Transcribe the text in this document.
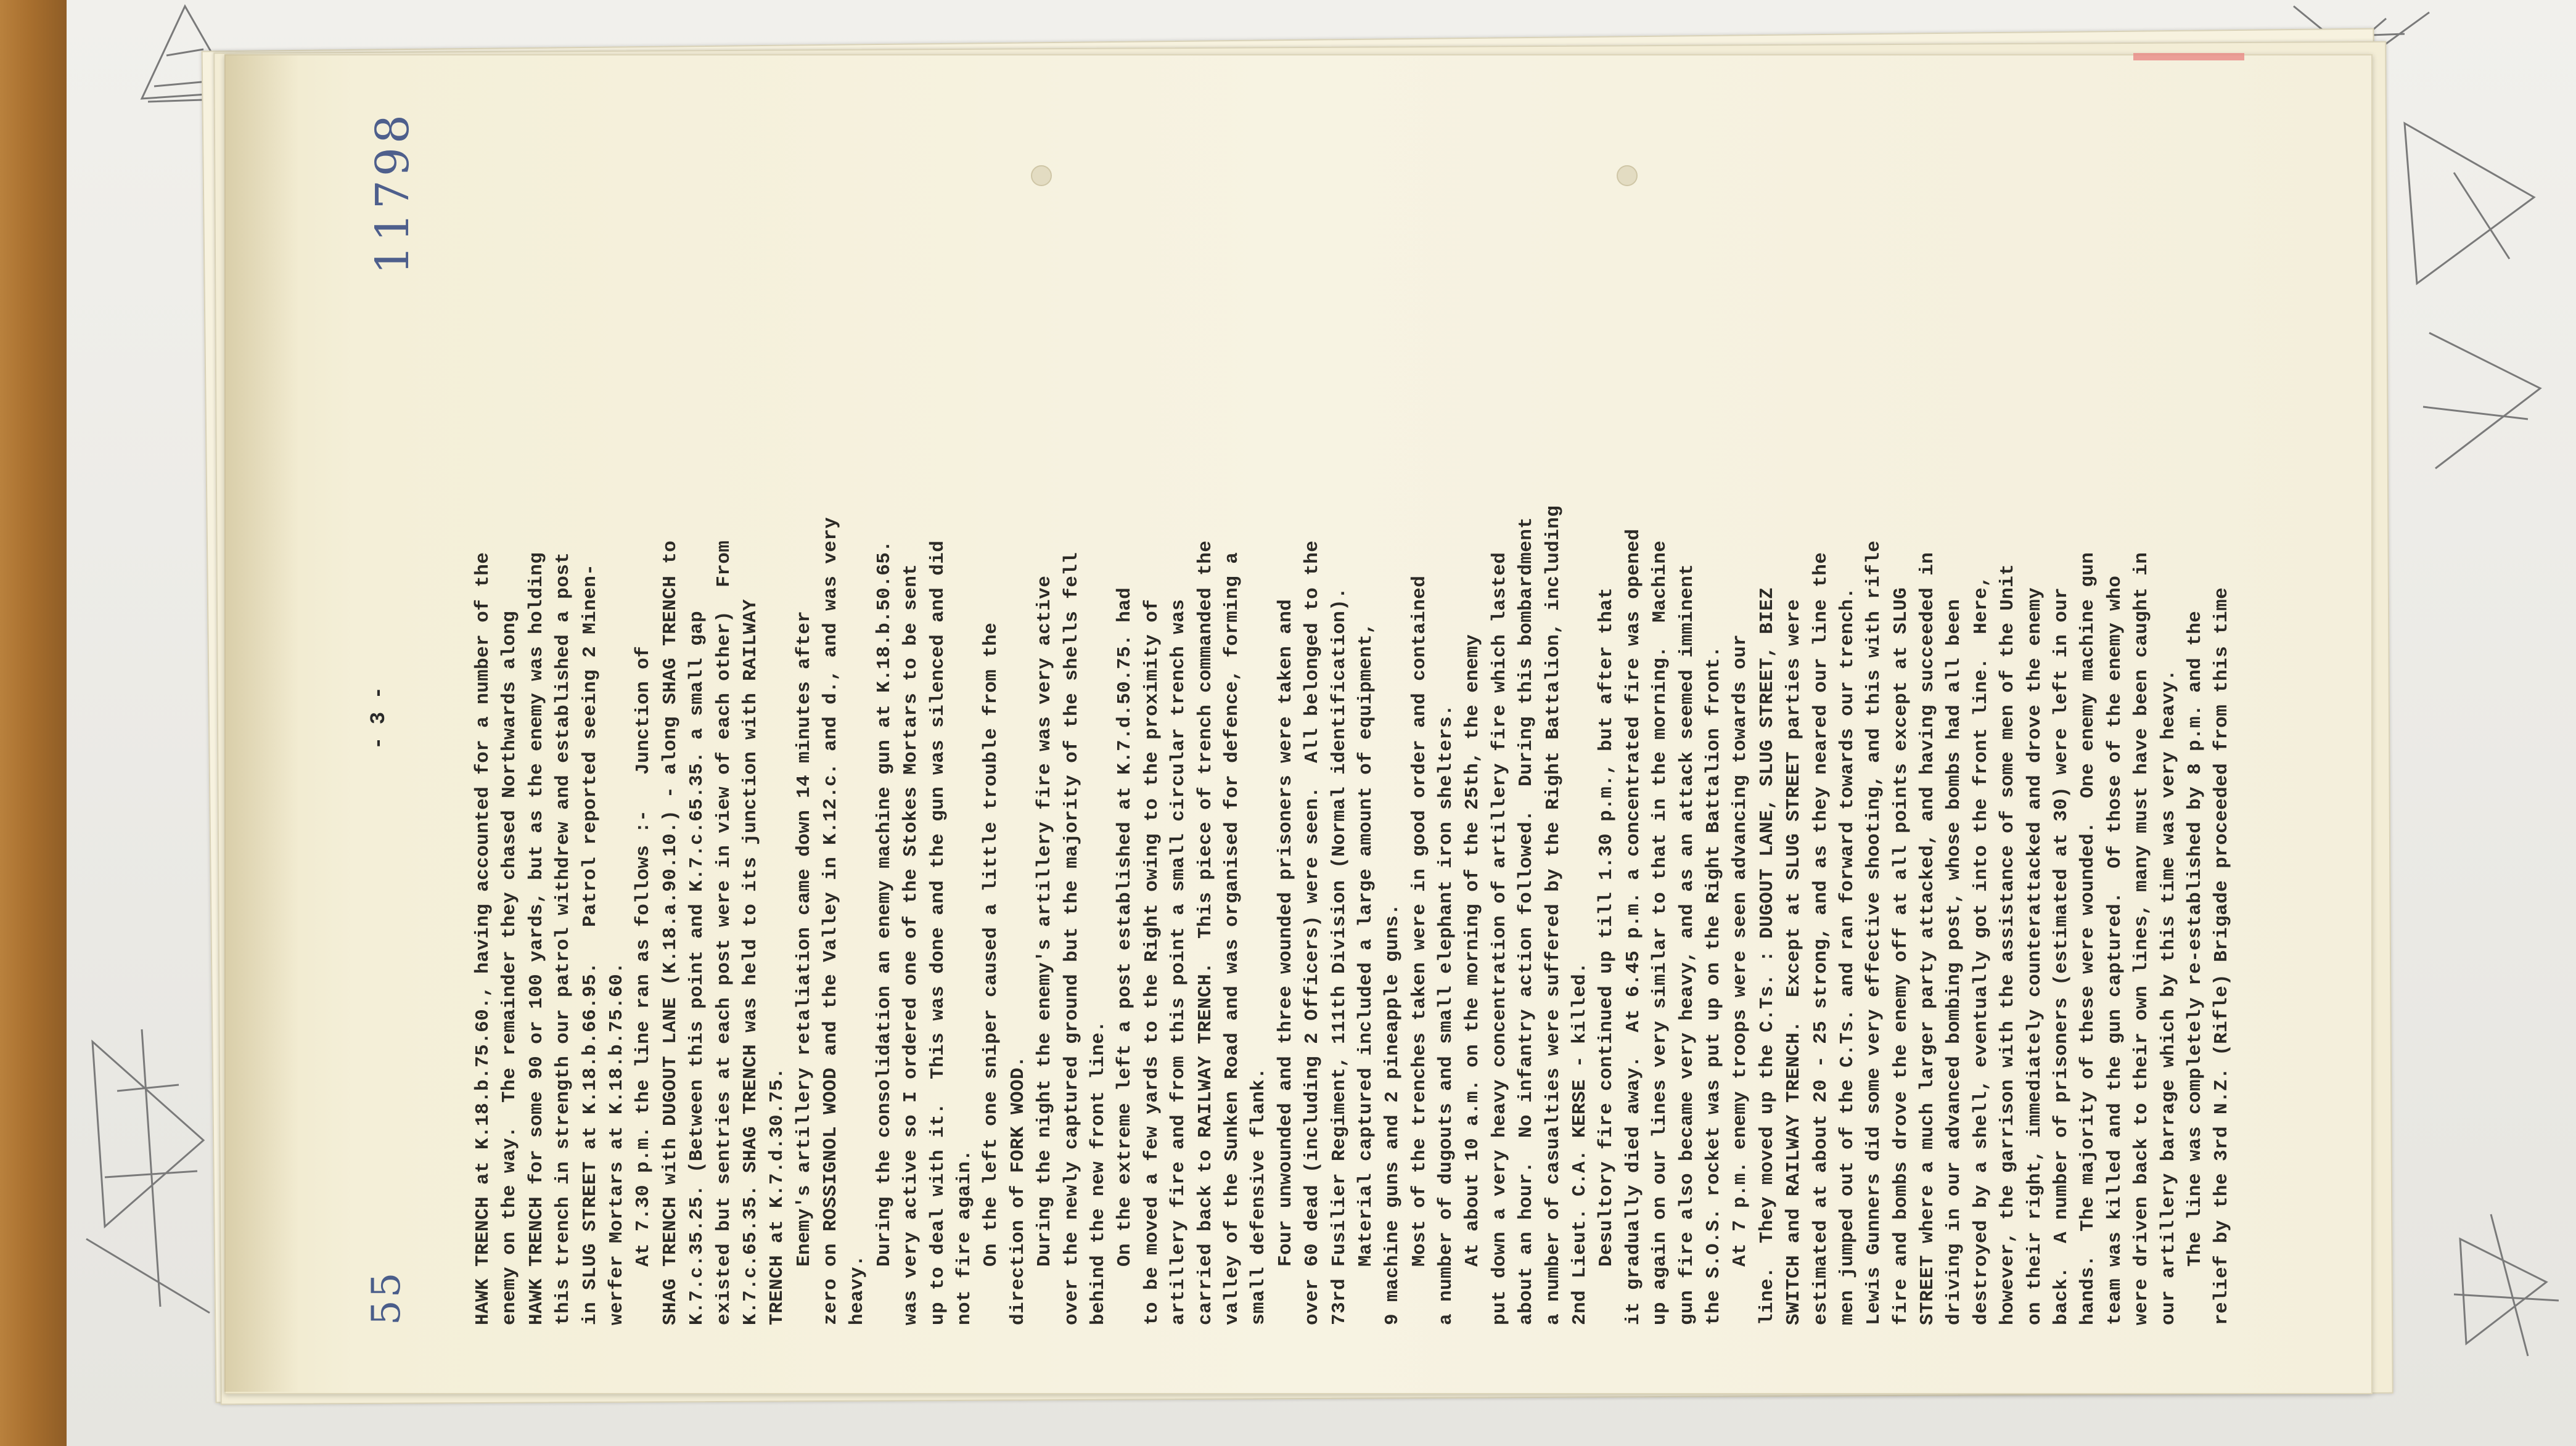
55
- 3 -
11798
HAWK TRENCH at K.18.b.75.60., having accounted for a number of the enemy on the way.  The remainder they chased Northwards along HAWK TRENCH for some 90 or 100 yards, but as the enemy was holding this trench in strength our patrol withdrew and established a post in SLUG STREET at K.18.b.66.95.   Patrol reported seeing 2 Minen- werfer Mortars at K.18.b.75.60. At 7.30 p.m. the line ran as follows :-   Junction of SHAG TRENCH with DUGOUT LANE (K.18.a.90.10.) - along SHAG TRENCH to K.7.c.35.25. (Between this point and K.7.c.65.35. a small gap existed but sentries at each post were in view of each other)  From K.7.c.65.35. SHAG TRENCH was held to its junction with RAILWAY TRENCH at K.7.d.30.75. Enemy's artillery retaliation came down 14 minutes after zero on ROSSIGNOL WOOD and the Valley in K.12.c. and d., and was very heavy. During the consolidation an enemy machine gun at K.18.b.50.65. was very active so I ordered one of the Stokes Mortars to be sent up to deal with it.  This was done and the gun was silenced and did not fire again. On the left one sniper caused a little trouble from the direction of FORK WOOD. During the night the enemy's artillery fire was very active over the newly captured ground but the majority of the shells fell behind the new front line. On the extreme left a post established at K.7.d.50.75. had to be moved a few yards to the Right owing to the proximity of artillery fire and from this point a small circular trench was carried back to RAILWAY TRENCH.  This piece of trench commanded the valley of the Sunken Road and was organised for defence, forming a small defensive flank. Four unwounded and three wounded prisoners were taken and over 60 dead (including 2 Officers) were seen.  All belonged to the 73rd Fusilier Regiment, 111th Division (Normal identification). Material captured included a large amount of equipment, 9 machine guns and 2 pineapple guns. Most of the trenches taken were in good order and contained a number of dugouts and small elephant iron shelters. At about 10 a.m. on the morning of the 25th, the enemy put down a very heavy concentration of artillery fire which lasted about an hour.  No infantry action followed.  During this bombardment a number of casualties were suffered by the Right Battalion, including 2nd Lieut. C.A. KERSE - killed. Desultory fire continued up till 1.30 p.m., but after that it gradually died away.  At 6.45 p.m. a concentrated fire was opened up again on our lines very similar to that in the morning.  Machine gun fire also became very heavy, and as an attack seemed imminent the S.O.S. rocket was put up on the Right Battalion front. At 7 p.m. enemy troops were seen advancing towards our line.  They moved up the C.Ts. : DUGOUT LANE, SLUG STREET, BIEZ SWITCH and RAILWAY TRENCH.  Except at SLUG STREET parties were estimated at about 20 - 25 strong, and as they neared our line the men jumped out of the C.Ts. and ran forward towards our trench. Lewis Gunners did some very effective shooting, and this with rifle fire and bombs drove the enemy off at all points except at SLUG STREET where a much larger party attacked, and having succeeded in driving in our advanced bombing post, whose bombs had all been destroyed by a shell, eventually got into the front line.  Here, however, the garrison with the assistance of some men of the Unit on their right, immediately counterattacked and drove the enemy back.  A number of prisoners (estimated at 30) were left in our hands.  The majority of these were wounded.  One enemy machine gun team was killed and the gun captured.  Of those of the enemy who were driven back to their own lines, many must have been caught in our artillery barrage which by this time was very heavy. The line was completely re-established by 8 p.m. and the relief by the 3rd N.Z. (Rifle) Brigade proceeded from this time
